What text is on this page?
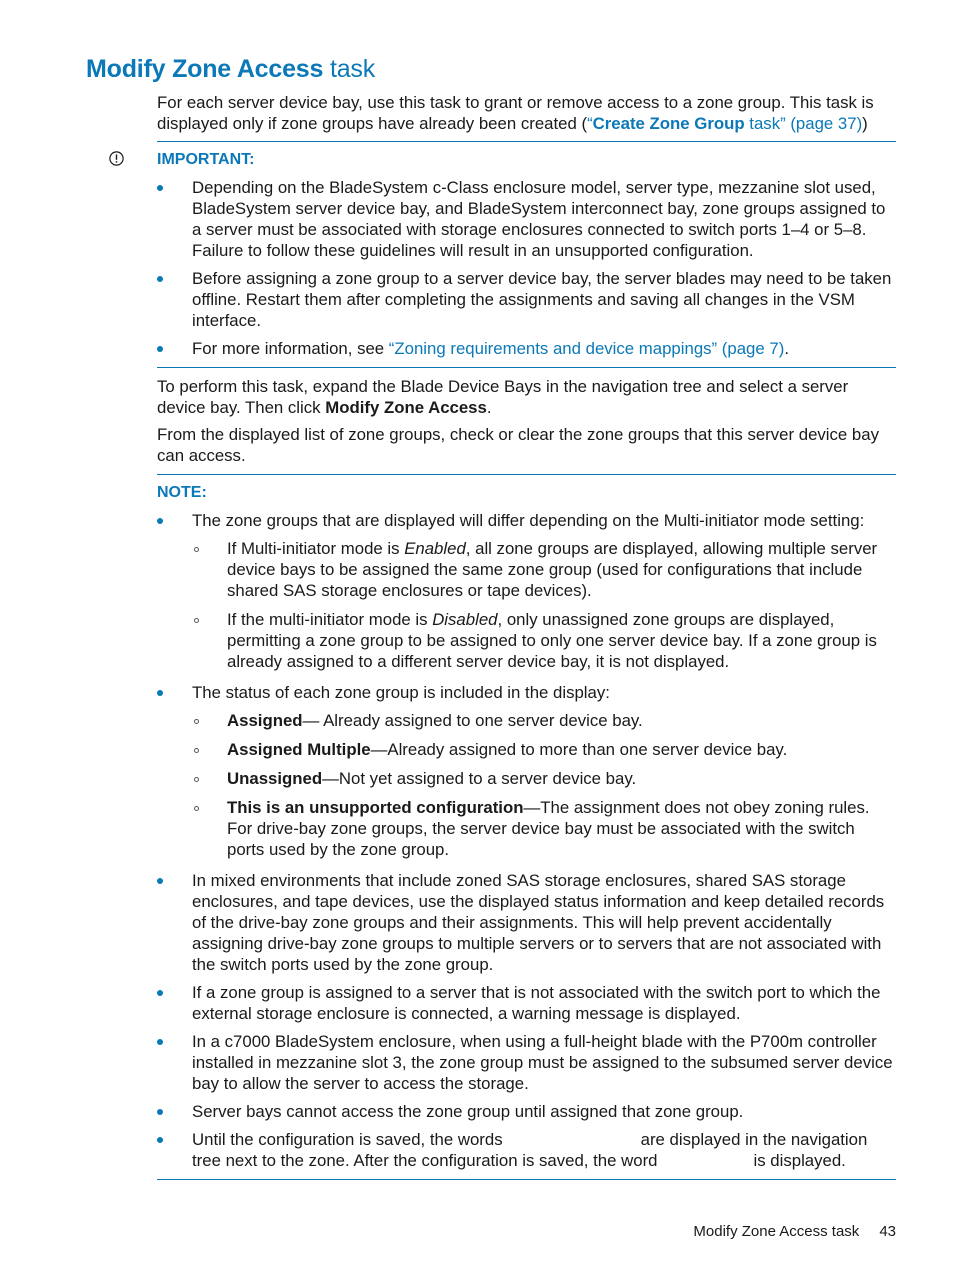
Modify Zone Access task

For each server device bay, use this task to grant or remove access to a zone group. This task is displayed only if zone groups have already been created (“Create Zone Group task” (page 37))

IMPORTANT:
Depending on the BladeSystem c-Class enclosure model, server type, mezzanine slot used, BladeSystem server device bay, and BladeSystem interconnect bay, zone groups assigned to a server must be associated with storage enclosures connected to switch ports 1–4 or 5–8. Failure to follow these guidelines will result in an unsupported configuration.
Before assigning a zone group to a server device bay, the server blades may need to be taken offline. Restart them after completing the assignments and saving all changes in the VSM interface.
For more information, see “Zoning requirements and device mappings” (page 7).

To perform this task, expand the Blade Device Bays in the navigation tree and select a server device bay. Then click Modify Zone Access.

From the displayed list of zone groups, check or clear the zone groups that this server device bay can access.

NOTE:
The zone groups that are displayed will differ depending on the Multi-initiator mode setting:
If Multi-initiator mode is Enabled, all zone groups are displayed, allowing multiple server device bays to be assigned the same zone group (used for configurations that include shared SAS storage enclosures or tape devices).
If the multi-initiator mode is Disabled, only unassigned zone groups are displayed, permitting a zone group to be assigned to only one server device bay. If a zone group is already assigned to a different server device bay, it is not displayed.
The status of each zone group is included in the display:
Assigned— Already assigned to one server device bay.
Assigned Multiple—Already assigned to more than one server device bay.
Unassigned—Not yet assigned to a server device bay.
This is an unsupported configuration—The assignment does not obey zoning rules. For drive-bay zone groups, the server device bay must be associated with the switch ports used by the zone group.
In mixed environments that include zoned SAS storage enclosures, shared SAS storage enclosures, and tape devices, use the displayed status information and keep detailed records of the drive-bay zone groups and their assignments. This will help prevent accidentally assigning drive-bay zone groups to multiple servers or to servers that are not associated with the switch ports used by the zone group.
If a zone group is assigned to a server that is not associated with the switch port to which the external storage enclosure is connected, a warning message is displayed.
In a c7000 BladeSystem enclosure, when using a full-height blade with the P700m controller installed in mezzanine slot 3, the zone group must be assigned to the subsumed server device bay to allow the server to access the storage.
Server bays cannot access the zone group until assigned that zone group.
Until the configuration is saved, the words	are displayed in the navigation tree next to the zone. After the configuration is saved, the word	is displayed.
Modify Zone Access task 43
